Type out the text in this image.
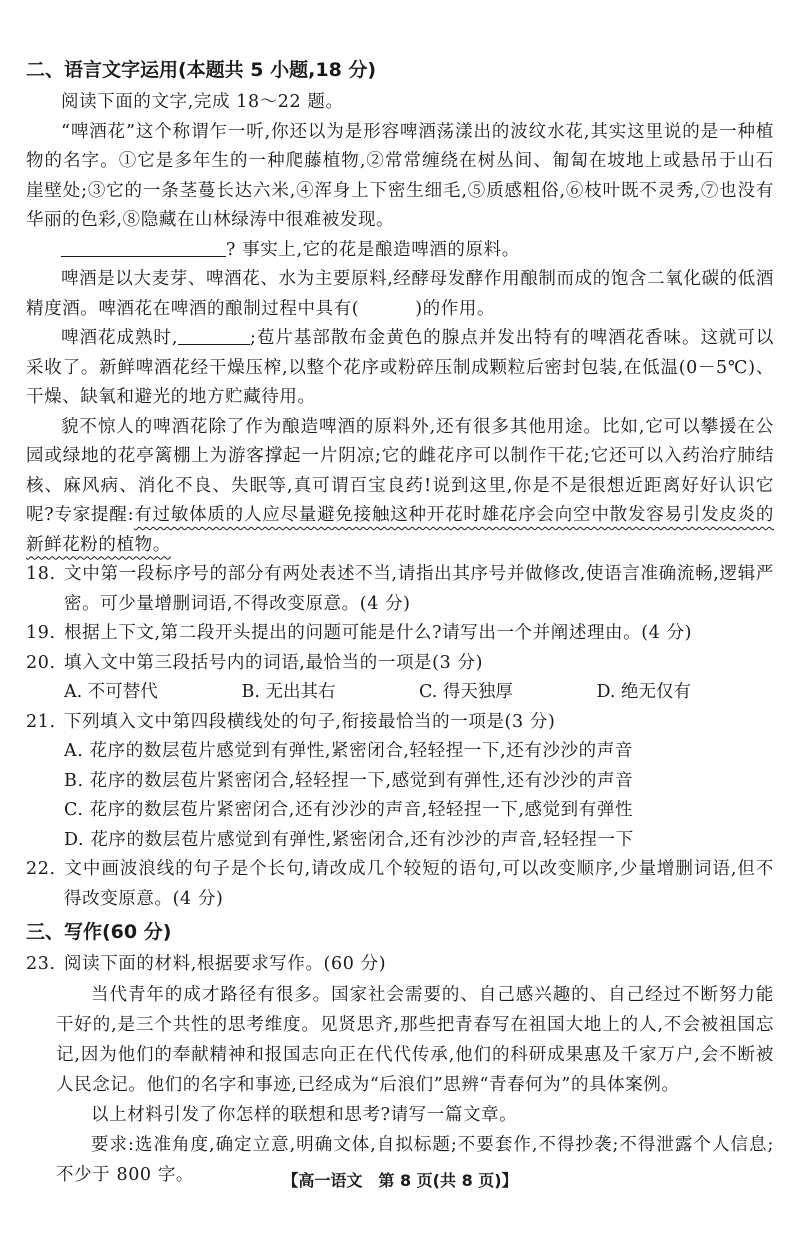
二、语言文字运用(本题共 5 小题,18 分)

阅读下面的文字,完成 18～22 题。

“啤酒花”这个称谓乍一听,你还以为是形容啤酒荡漾出的波纹水花,其实这里说的是一种植物的名字。①它是多年生的一种爬藤植物,②常常缠绕在树丛间、匍匐在坡地上或悬吊于山石崖壁处;③它的一条茎蔓长达六米,④浑身上下密生细毛,⑤质感粗俗,⑥枝叶既不灵秀,⑦也没有华丽的色彩,⑧隐藏在山林绿涛中很难被发现。

? 事实上,它的花是酿造啤酒的原料。

啤酒是以大麦芽、啤酒花、水为主要原料,经酵母发酵作用酿制而成的饱含二氧化碳的低酒精度酒。啤酒花在啤酒的酿制过程中具有(	)的作用。

啤酒花成熟时,	;苞片基部散布金黄色的腺点并发出特有的啤酒花香味。这就可以采收了。新鲜啤酒花经干燥压榨,以整个花序或粉碎压制成颗粒后密封包装,在低温(0－5℃)、干燥、缺氧和避光的地方贮藏待用。

貌不惊人的啤酒花除了作为酿造啤酒的原料外,还有很多其他用途。比如,它可以攀援在公园或绿地的花亭篱棚上为游客撑起一片阴凉;它的雌花序可以制作干花;它还可以入药治疗肺结核、麻风病、消化不良、失眠等,真可谓百宝良药!说到这里,你是不是很想近距离好好认识它呢?专家提醒:有过敏体质的人应尽量避免接触这种开花时雄花序会向空中散发容易引发皮炎的新鲜花粉的植物。

18. 文中第一段标序号的部分有两处表述不当,请指出其序号并做修改,使语言准确流畅,逻辑严密。可少量增删词语,不得改变原意。(4 分)

19. 根据上下文,第二段开头提出的问题可能是什么?请写出一个并阐述理由。(4 分)

20. 填入文中第三段括号内的词语,最恰当的一项是(3 分)

A. 不可替代	B. 无出其右	C. 得天独厚	D. 绝无仅有

21. 下列填入文中第四段横线处的句子,衔接最恰当的一项是(3 分)

A. 花序的数层苞片感觉到有弹性,紧密闭合,轻轻捏一下,还有沙沙的声音

B. 花序的数层苞片紧密闭合,轻轻捏一下,感觉到有弹性,还有沙沙的声音

C. 花序的数层苞片紧密闭合,还有沙沙的声音,轻轻捏一下,感觉到有弹性

D. 花序的数层苞片感觉到有弹性,紧密闭合,还有沙沙的声音,轻轻捏一下

22. 文中画波浪线的句子是个长句,请改成几个较短的语句,可以改变顺序,少量增删词语,但不得改变原意。(4 分)

三、写作(60 分)

23. 阅读下面的材料,根据要求写作。(60 分)

当代青年的成才路径有很多。国家社会需要的、自己感兴趣的、自己经过不断努力能干好的,是三个共性的思考维度。见贤思齐,那些把青春写在祖国大地上的人,不会被祖国忘记,因为他们的奉献精神和报国志向正在代代传承,他们的科研成果惠及千家万户,会不断被人民念记。他们的名字和事迹,已经成为“后浪们”思辨“青春何为”的具体案例。

以上材料引发了你怎样的联想和思考?请写一篇文章。

要求:选准角度,确定立意,明确文体,自拟标题;不要套作,不得抄袭;不得泄露个人信息;不少于 800 字。	【高一语文　第 8 页(共 8 页)】
